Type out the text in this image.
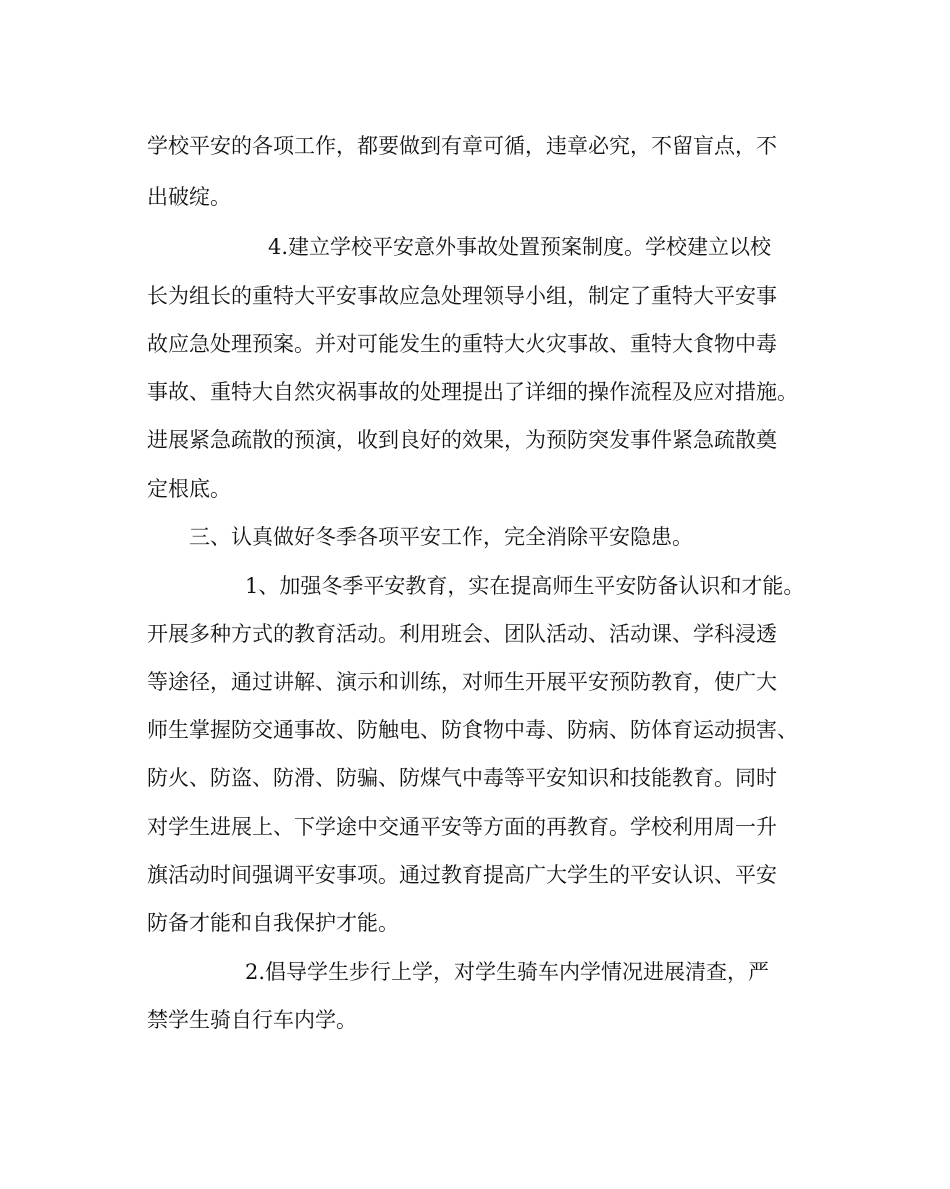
学校平安的各项工作，都要做到有章可循，违章必究，不留盲点，不
出破绽。
4.建立学校平安意外事故处置预案制度。学校建立以校
长为组长的重特大平安事故应急处理领导小组，制定了重特大平安事
故应急处理预案。并对可能发生的重特大火灾事故、重特大食物中毒
事故、重特大自然灾祸事故的处理提出了详细的操作流程及应对措施。
进展紧急疏散的预演，收到良好的效果，为预防突发事件紧急疏散奠
定根底。
三、认真做好冬季各项平安工作，完全消除平安隐患。
1、加强冬季平安教育，实在提高师生平安防备认识和才能。
开展多种方式的教育活动。利用班会、团队活动、活动课、学科浸透
等途径，通过讲解、演示和训练，对师生开展平安预防教育，使广大
师生掌握防交通事故、防触电、防食物中毒、防病、防体育运动损害、
防火、防盗、防滑、防骗、防煤气中毒等平安知识和技能教育。同时
对学生进展上、下学途中交通平安等方面的再教育。学校利用周一升
旗活动时间强调平安事项。通过教育提高广大学生的平安认识、平安
防备才能和自我保护才能。
2.倡导学生步行上学，对学生骑车内学情况进展清查，严
禁学生骑自行车内学。
